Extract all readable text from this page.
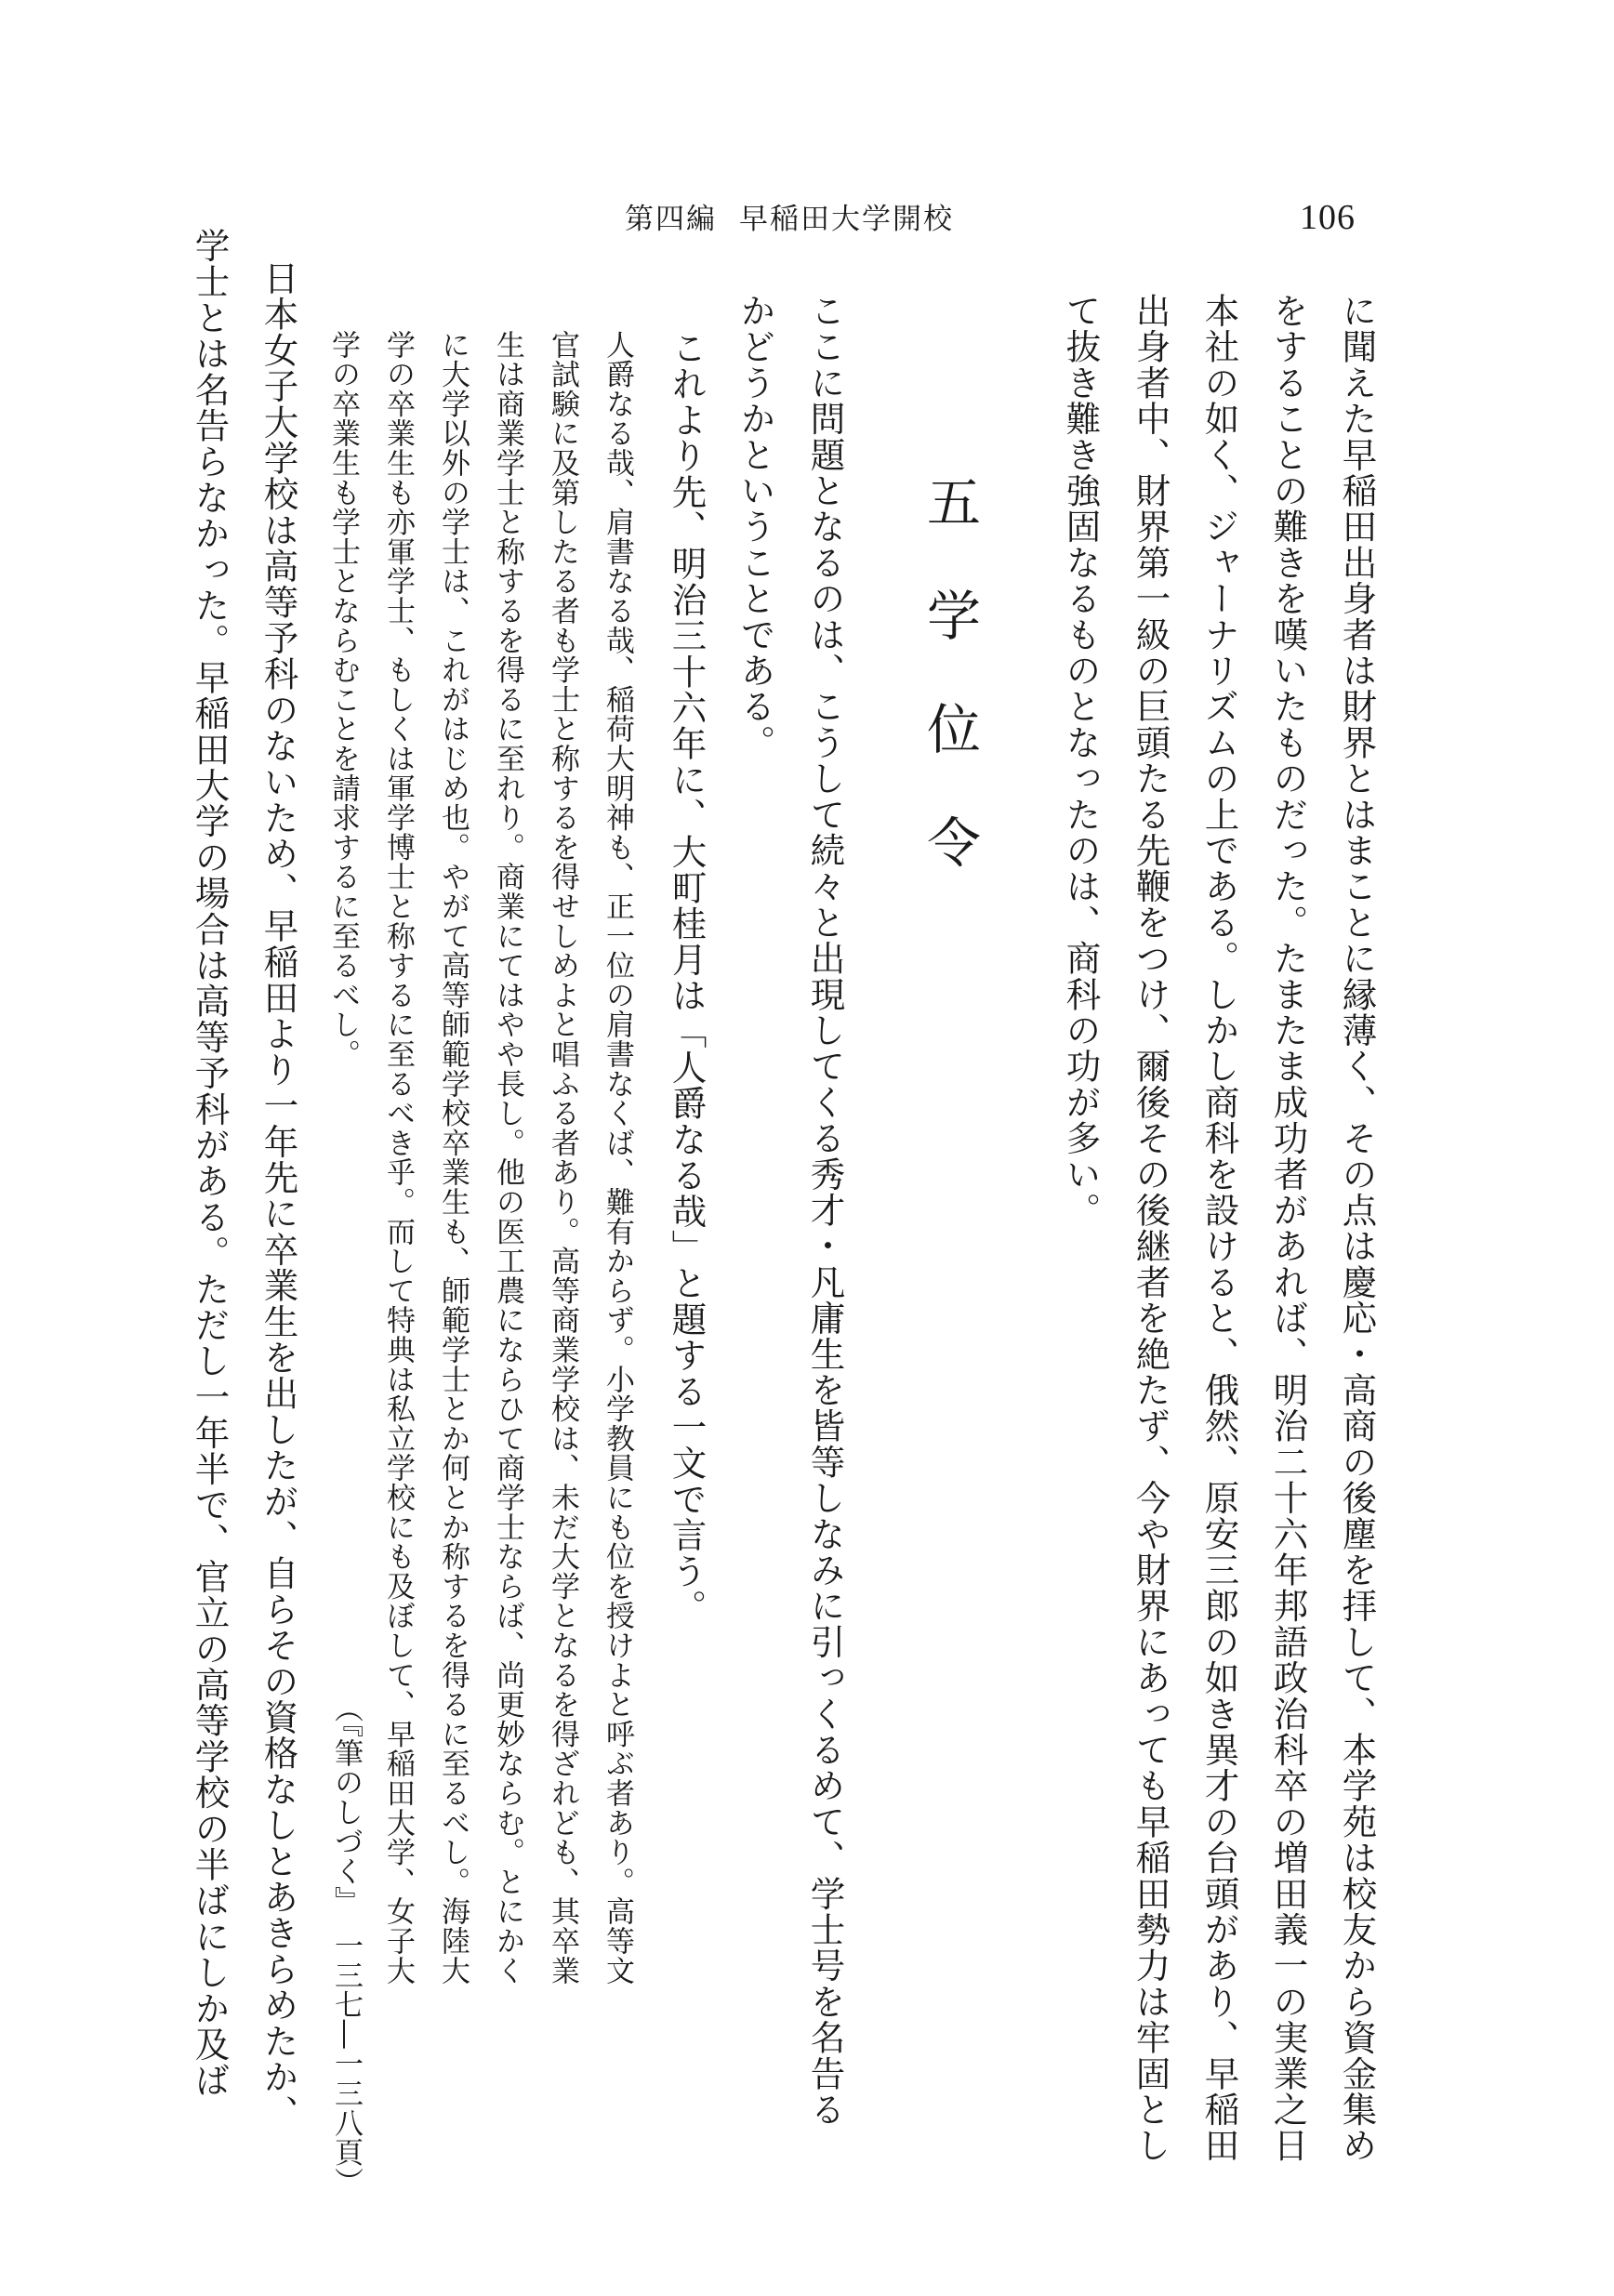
106
第四編 早稲田大学開校
に聞えた早稲田出身者は財界とはまことに縁薄く、その点は慶応・高商の後塵を拝して、本学苑は校友から資金集め
をすることの難きを嘆いたものだった。たまたま成功者があれば、明治二十六年邦語政治科卒の増田義一の実業之日
本社の如く、ジャーナリズムの上である。しかし商科を設けると、俄然、原安三郎の如き異才の台頭があり、早稲田
出身者中、財界第一級の巨頭たる先鞭をつけ、爾後その後継者を絶たず、今や財界にあっても早稲田勢力は牢固とし
て抜き難き強固なるものとなったのは、商科の功が多い。
五学位令
ここに問題となるのは、こうして続々と出現してくる秀才・凡庸生を皆等しなみに引っくるめて、学士号を名告る
かどうかということである。
これより先、明治三十六年に、大町桂月は「人爵なる哉」と題する一文で言う。
人爵なる哉、肩書なる哉、稲荷大明神も、正一位の肩書なくば、難有からず。小学教員にも位を授けよと呼ぶ者あり。高等文
官試験に及第したる者も学士と称するを得せしめよと唱ふる者あり。高等商業学校は、未だ大学となるを得ざれども、其卒業
生は商業学士と称するを得るに至れり。商業にてはやや長し。他の医工農にならひて商学士ならば、尚更妙ならむ。とにかく
に大学以外の学士は、これがはじめ也。やがて高等師範学校卒業生も、師範学士とか何とか称するを得るに至るべし。海陸大
学の卒業生も亦軍学士、もしくは軍学博士と称するに至るべき乎。而して特典は私立学校にも及ぼして、早稲田大学、女子大
学の卒業生も学士とならむことを請求するに至るべし。
（『筆のしづく』　一三七―一三八頁）
日本女子大学校は高等予科のないため、早稲田より一年先に卒業生を出したが、自らその資格なしとあきらめたか、
学士とは名告らなかった。早稲田大学の場合は高等予科がある。ただし一年半で、官立の高等学校の半ばにしか及ば
